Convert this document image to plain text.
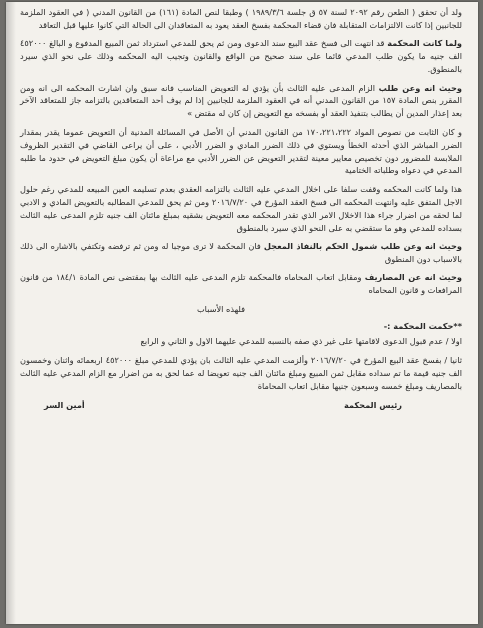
ولد أن تحقق ( الطعن رقم ٢٠٩٢ لسنة ٥٧ ق جلسة ١٩٨٩/٣/٦ ) وطبقا لنص المادة (١٦١) من القانون المدني ( في العقود الملزمة للجانبين إذا كانت الالتزامات المتقابلة فان قضاء المحكمة بفسخ العقد يعود به المتعاقدان الى الحالة التي كانوا عليها قبل التعاقد

ولما كانت المحكمة قد انتهت الى فسخ عقد البيع سند الدعوى ومن ثم يحق للمدعي استرداد ثمن المبيع المدفوع و البالغ ٤٥٢٠٠٠ الف جنيه ما يكون طلب المدعي قائما على سند صحيح من الواقع والقانون وتجيب اليه المحكمه وذلك على نحو الذي سيرد بالمنطوق.

وحيث انه وعن طلب الزام المدعى عليه الثالث بأن يؤدي له التعويض المناسب فانه سبق وان اشارت المحكمه الى انه ومن المقرر بنص المادة ١٥٧ من القانون المدني أنه في العقود الملزمة للجانبين إذا لم يوف أحد المتعاقدين بالتزامه جاز للمتعاقد الآخر بعد إعذار المدين أن يطالب بتنفيذ العقد أو بفسخه مع التعويض إن كان له مقتض »

و كان الثابت من نصوص المواد ١٧٠،٢٢١،٢٢٢ من القانون المدني أن الأصل في المسائلة المدنية أن التعويض عموما يقدر بمقدار الضرر المباشر الذي أحدثه الخطأ ويستوي في ذلك الضرر المادي و الضرر الأدبي ، على أن يراعى القاضي في التقدير الظروف الملابسة للمضرور دون تخصيص معايير معينة لتقدير التعويض عن الضرر الأدبي مع مراعاة أن يكون مبلغ التعويض في حدود ما طلبه المدعي في دعواه وطلباته الختامية

هذا ولما كانت المحكمه وقفت سلفا على اخلال المدعي عليه الثالث بالتزامه العقدي بعدم تسليمه العين المبيعه للمدعي رغم حلول الاجل المتفق عليه وانتهت المحكمه الى فسخ العقد المؤرخ في ٢٠١٦/٧/٢٠ ومن ثم يحق للمدعي المطالبه بالتعويض المادي و الادبي لما لحقه من اضرار جراء هذا الاخلال الامر الذي تقدر المحكمه معه التعويض بشقيه بمبلغ مائتان الف جنيه تلزم المدعى عليه الثالث بسداده للمدعي وهو ما ستقضي به على النحو الذي سيرد بالمنطوق

وحيث انه وعن طلب شمول الحكم بالنفاذ المعجل فان المحكمة لا ترى موجبا له ومن ثم ترفضه وتكتفي بالاشاره الى ذلك بالاسباب دون المنطوق

وحيث انه عن المصاريف ومقابل اتعاب المحاماه فالمحكمة تلزم المدعى عليه الثالث بها بمقتضى نص المادة ١٨٤/١ من قانون المرافعات و قانون المحاماه

فلهذه الأسباب
**حكمت المحكمة :-

اولا / عدم قبول الدعوى لاقامتها على غير ذي صفه بالنسبه للمدعي عليهما الاول و الثاني و الرابع

ثانيا / بفسخ عقد البيع المؤرخ في ٢٠١٦/٧/٢٠ وألزمت المدعي عليه الثالث بان يؤدي للمدعي مبلغ ٤٥٢٠٠٠ اربعمائه واثنان وخمسون الف جنيه قيمة ما تم سداده مقابل ثمن المبيع ومبلغ مائتان الف جنيه تعويضا له عما لحق به من اضرار مع الزام المدعي عليه الثالث بالمصاريف ومبلغ خمسه وسبعون جنيها مقابل اتعاب المحاماة

رئيس المحكمة
أمين السر
